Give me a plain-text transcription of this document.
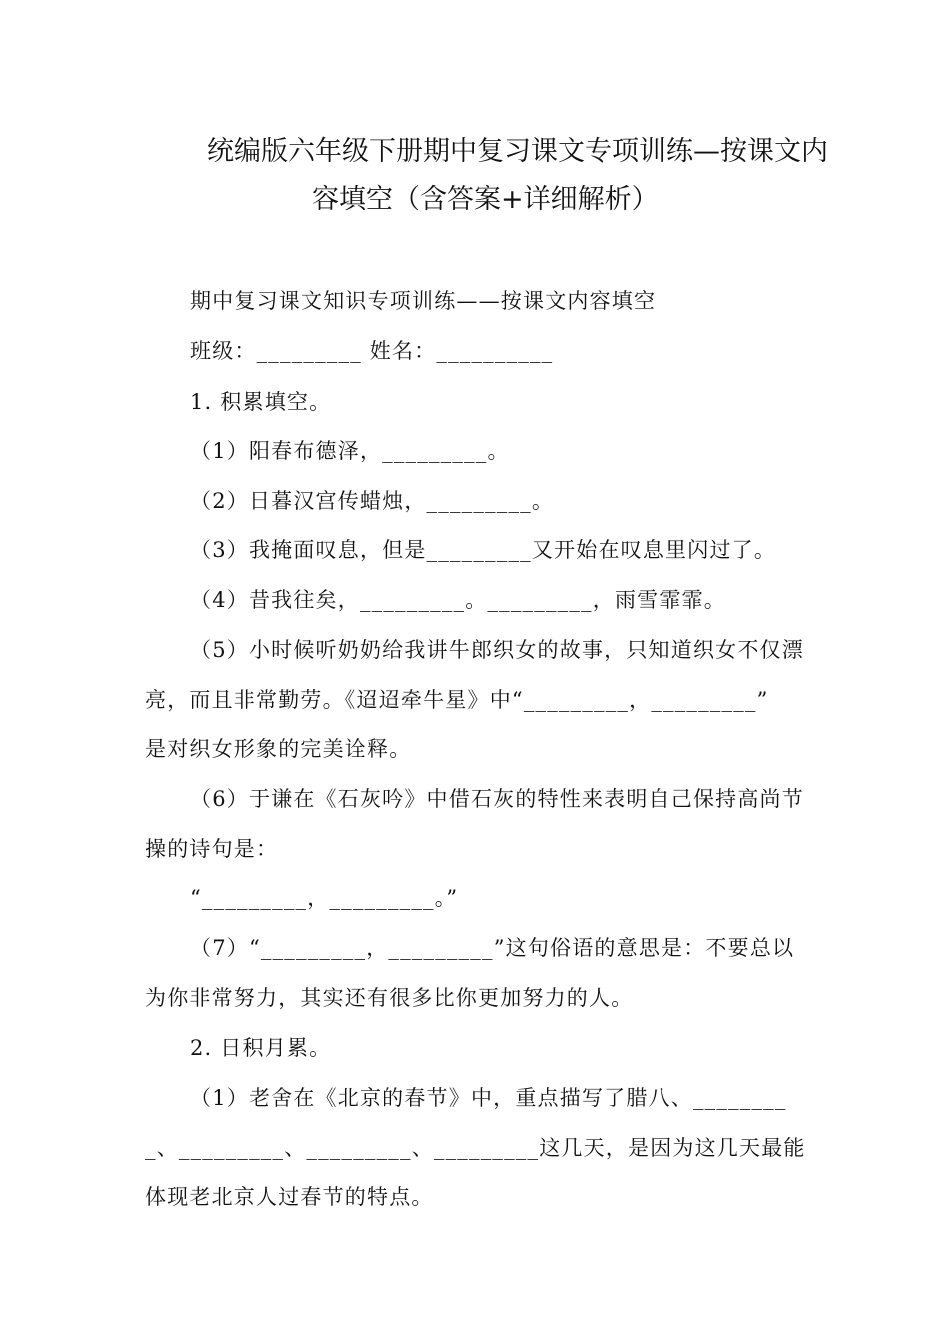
统编版六年级下册期中复习课文专项训练—按课文内
容填空（含答案+详细解析）
期中复习课文知识专项训练——按课文内容填空
班级：_________ 姓名：__________
1. 积累填空。
（1）阳春布德泽，_________。
（2）日暮汉宫传蜡烛，_________。
（3）我掩面叹息，但是_________又开始在叹息里闪过了。
（4）昔我往矣，_________。_________，雨雪霏霏。
（5）小时候听奶奶给我讲牛郎织女的故事，只知道织女不仅漂
亮，而且非常勤劳。《迢迢牵牛星》中“_________，_________”
是对织女形象的完美诠释。
（6）于谦在《石灰吟》中借石灰的特性来表明自己保持高尚节
操的诗句是：
“_________，_________。”
（7）“_________，_________”这句俗语的意思是：不要总以
为你非常努力，其实还有很多比你更加努力的人。
2. 日积月累。
（1）老舍在《北京的春节》中，重点描写了腊八、________
_、_________、_________、_________这几天，是因为这几天最能
体现老北京人过春节的特点。
